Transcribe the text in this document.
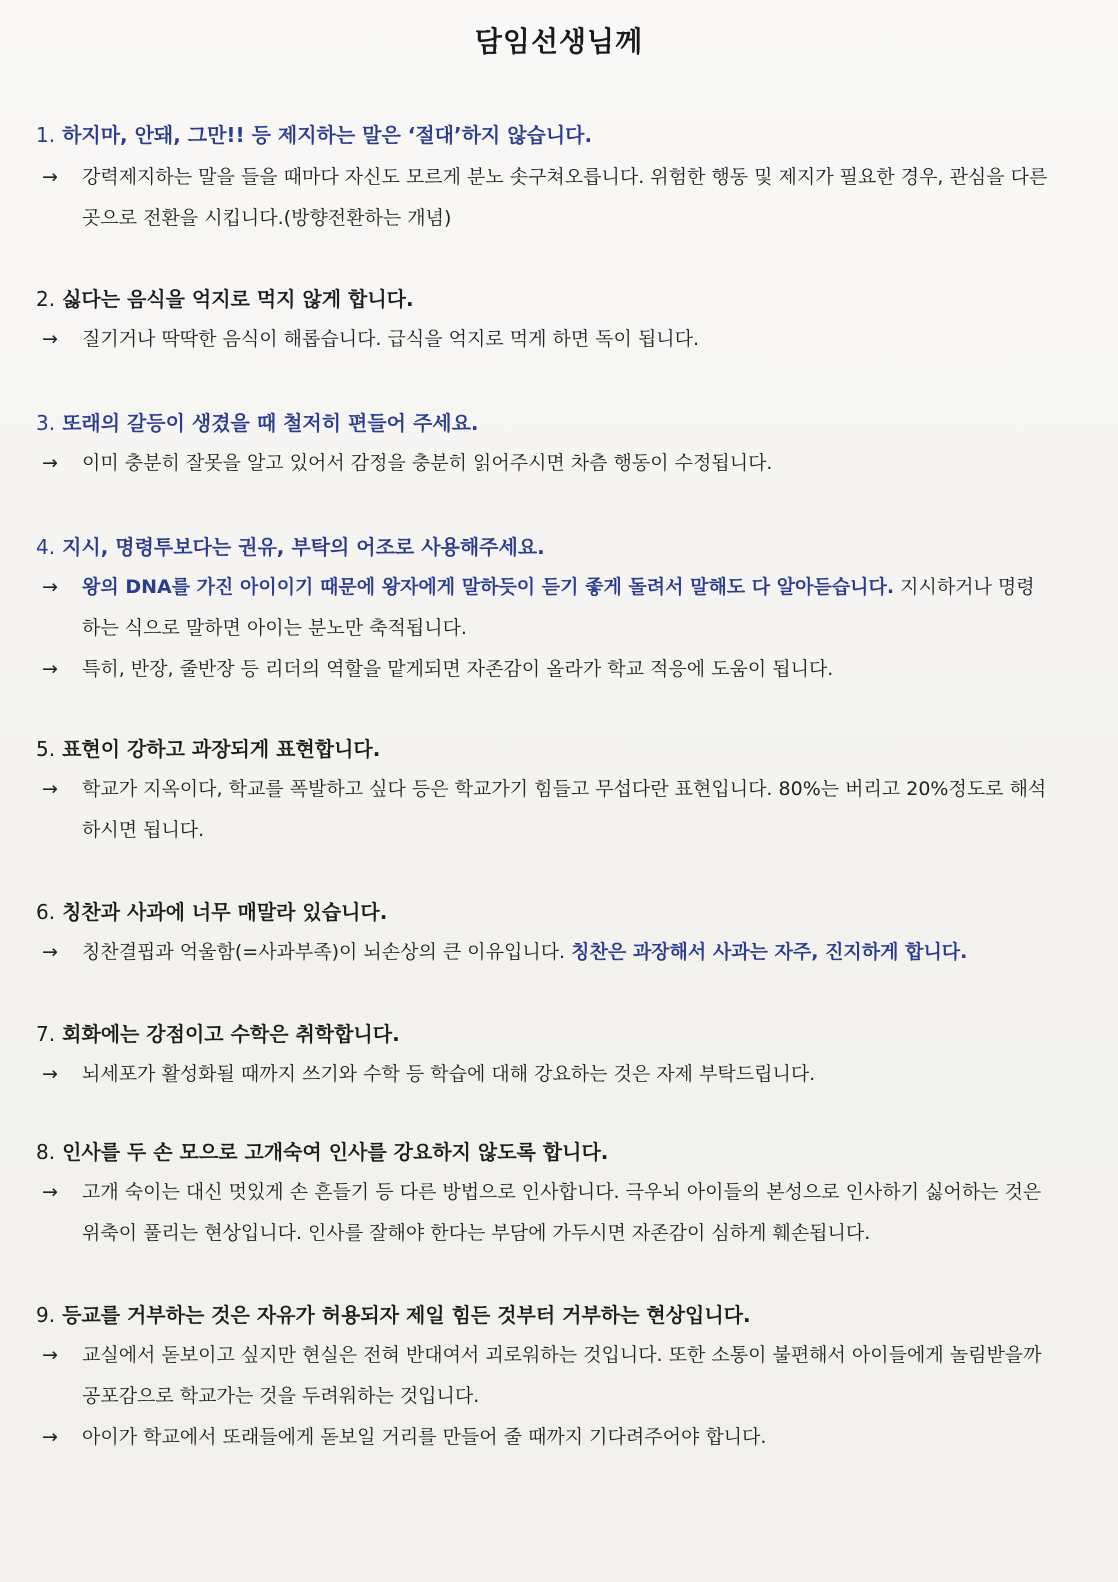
담임선생님께
1. 하지마, 안돼, 그만!! 등 제지하는 말은 ‘절대’하지 않습니다.
→	강력제지하는 말을 들을 때마다 자신도 모르게 분노 솟구쳐오릅니다. 위험한 행동 및 제지가 필요한 경우, 관심을 다른 곳으로 전환을 시킵니다.(방향전환하는 개념)
2. 싫다는 음식을 억지로 먹지 않게 합니다.
→	질기거나 딱딱한 음식이 해롭습니다. 급식을 억지로 먹게 하면 독이 됩니다.
3. 또래의 갈등이 생겼을 때 철저히 편들어 주세요.
→	이미 충분히 잘못을 알고 있어서 감정을 충분히 읽어주시면 차츰 행동이 수정됩니다.
4. 지시, 명령투보다는 권유, 부탁의 어조로 사용해주세요.
→	왕의 DNA를 가진 아이이기 때문에 왕자에게 말하듯이 듣기 좋게 돌려서 말해도 다 알아듣습니다. 지시하거나 명령하는 식으로 말하면 아이는 분노만 축적됩니다.
→	특히, 반장, 줄반장 등 리더의 역할을 맡게되면 자존감이 올라가 학교 적응에 도움이 됩니다.
5. 표현이 강하고 과장되게 표현합니다.
→	학교가 지옥이다, 학교를 폭발하고 싶다 등은 학교가기 힘들고 무섭다란 표현입니다. 80%는 버리고 20%정도로 해석하시면 됩니다.
6. 칭찬과 사과에 너무 매말라 있습니다.
→	칭찬결핍과 억울함(=사과부족)이 뇌손상의 큰 이유입니다. 칭찬은 과장해서 사과는 자주, 진지하게 합니다.
7. 회화에는 강점이고 수학은 취학합니다.
→	뇌세포가 활성화될 때까지 쓰기와 수학 등 학습에 대해 강요하는 것은 자제 부탁드립니다.
8. 인사를 두 손 모으로 고개숙여 인사를 강요하지 않도록 합니다.
→	고개 숙이는 대신 멋있게 손 흔들기 등 다른 방법으로 인사합니다. 극우뇌 아이들의 본성으로 인사하기 싫어하는 것은 위축이 풀리는 현상입니다. 인사를 잘해야 한다는 부담에 가두시면 자존감이 심하게 훼손됩니다.
9. 등교를 거부하는 것은 자유가 허용되자 제일 힘든 것부터 거부하는 현상입니다.
→	교실에서 돋보이고 싶지만 현실은 전혀 반대여서 괴로워하는 것입니다. 또한 소통이 불편해서 아이들에게 놀림받을까 공포감으로 학교가는 것을 두려워하는 것입니다.
→	아이가 학교에서 또래들에게 돋보일 거리를 만들어 줄 때까지 기다려주어야 합니다.
